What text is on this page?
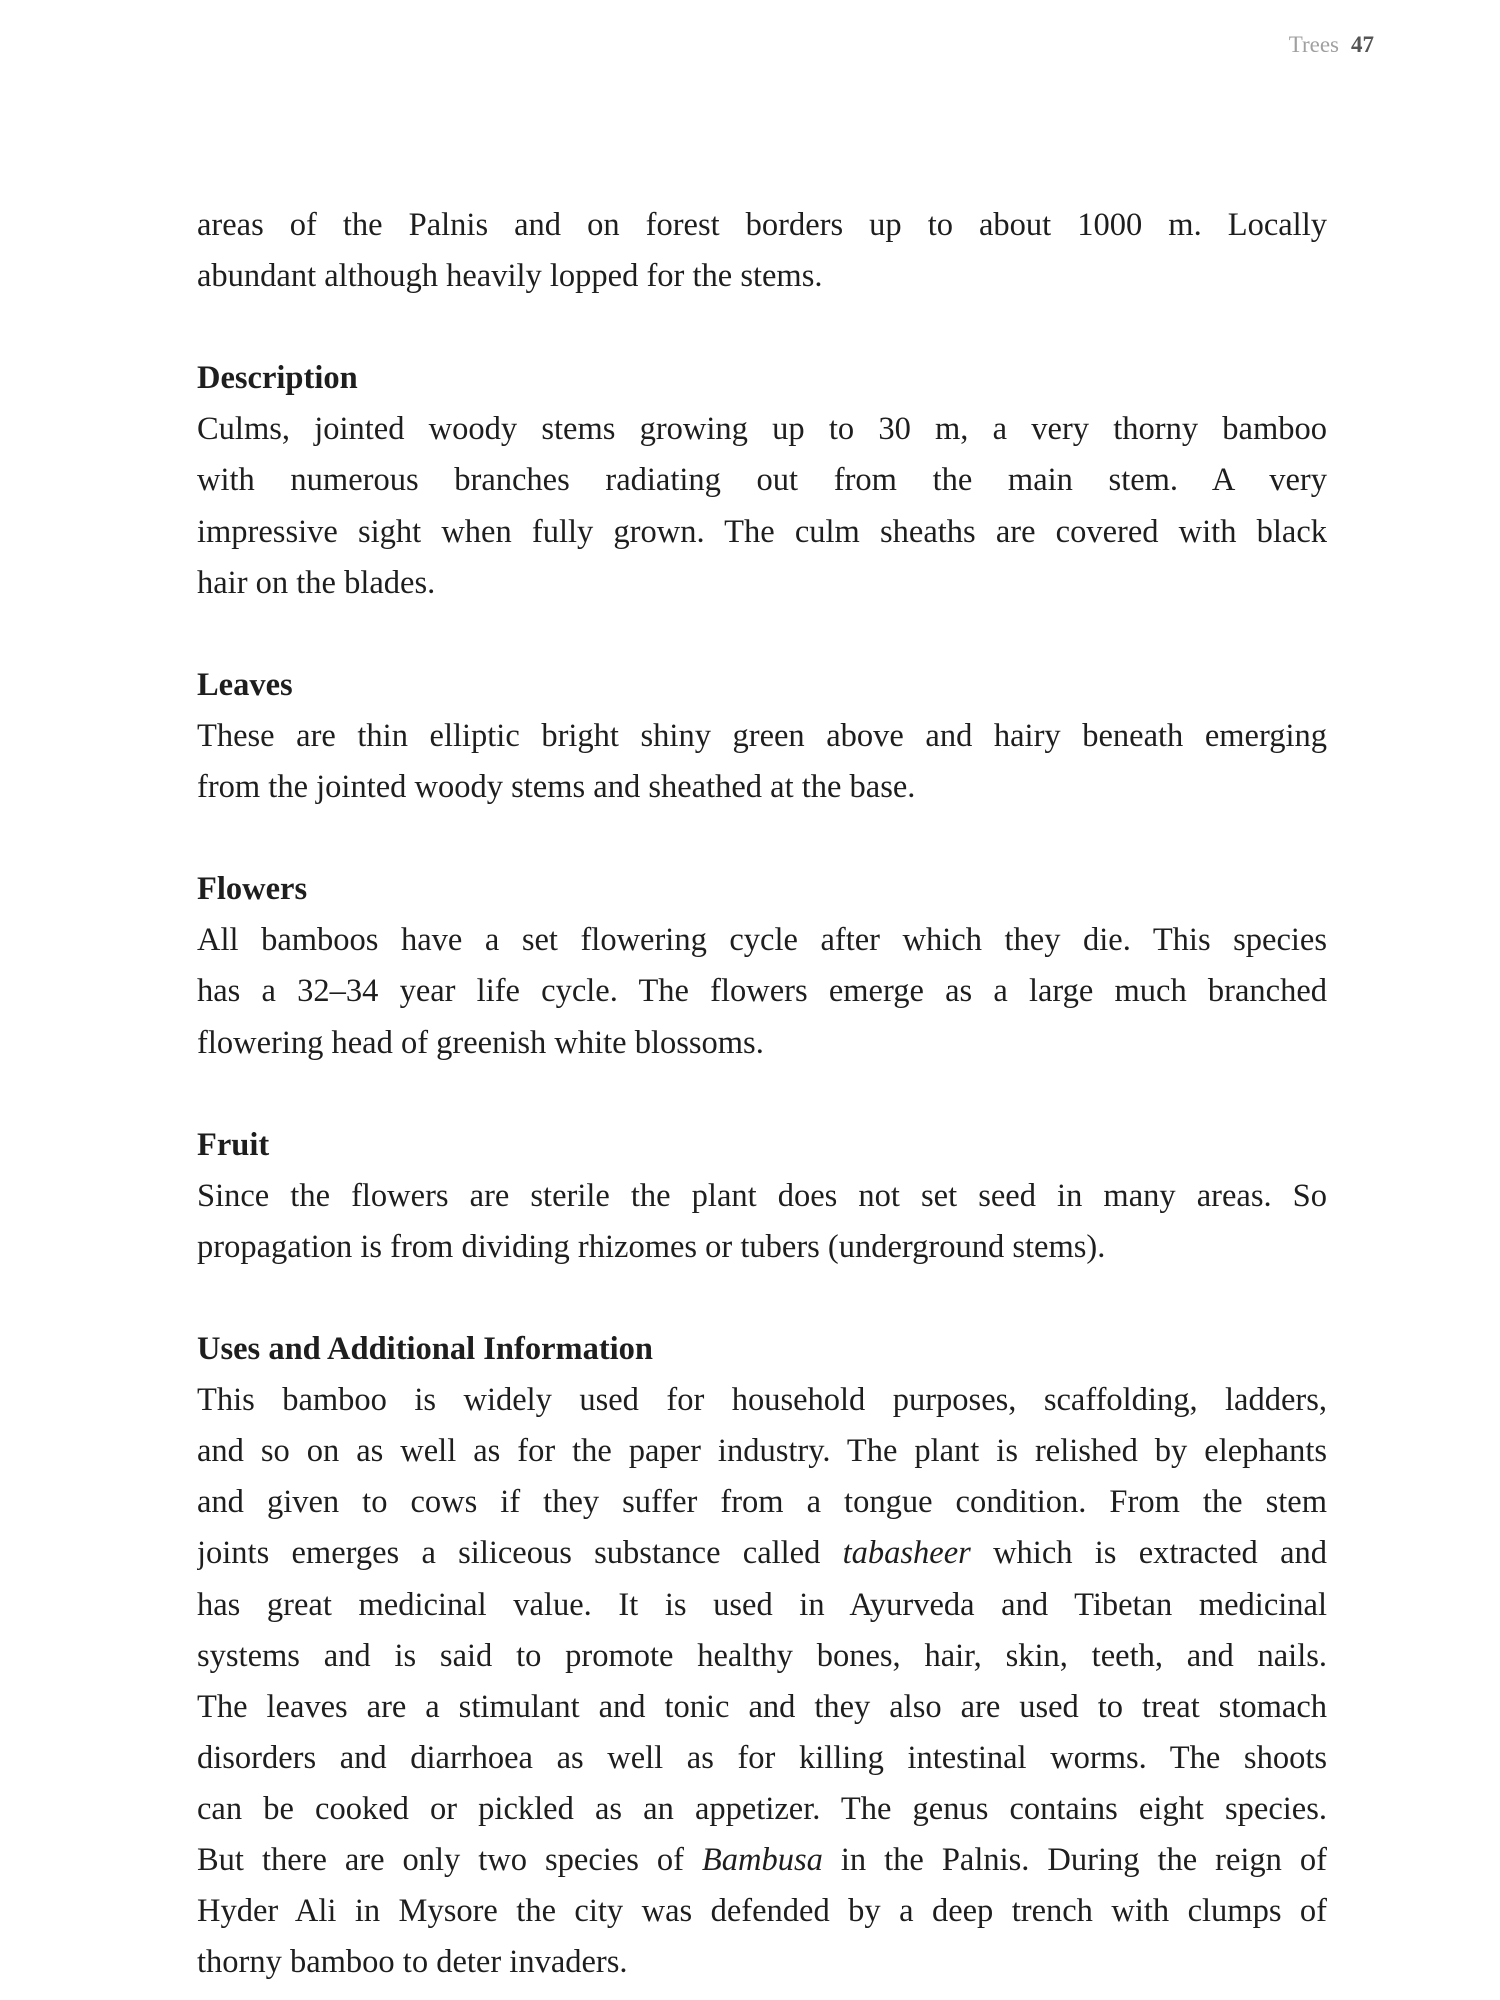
Trees 47
areas of the Palnis and on forest borders up to about 1000 m. Locally
abundant although heavily lopped for the stems.
Description
Culms, jointed woody stems growing up to 30 m, a very thorny bamboo
with numerous branches radiating out from the main stem. A very
impressive sight when fully grown. The culm sheaths are covered with black
hair on the blades.
Leaves
These are thin elliptic bright shiny green above and hairy beneath emerging
from the jointed woody stems and sheathed at the base.
Flowers
All bamboos have a set flowering cycle after which they die. This species
has a 32–34 year life cycle. The flowers emerge as a large much branched
flowering head of greenish white blossoms.
Fruit
Since the flowers are sterile the plant does not set seed in many areas. So
propagation is from dividing rhizomes or tubers (underground stems).
Uses and Additional Information
This bamboo is widely used for household purposes, scaffolding, ladders,
and so on as well as for the paper industry. The plant is relished by elephants
and given to cows if they suffer from a tongue condition. From the stem
joints emerges a siliceous substance called tabasheer which is extracted and
has great medicinal value. It is used in Ayurveda and Tibetan medicinal
systems and is said to promote healthy bones, hair, skin, teeth, and nails.
The leaves are a stimulant and tonic and they also are used to treat stomach
disorders and diarrhoea as well as for killing intestinal worms. The shoots
can be cooked or pickled as an appetizer. The genus contains eight species.
But there are only two species of Bambusa in the Palnis. During the reign of
Hyder Ali in Mysore the city was defended by a deep trench with clumps of
thorny bamboo to deter invaders.
